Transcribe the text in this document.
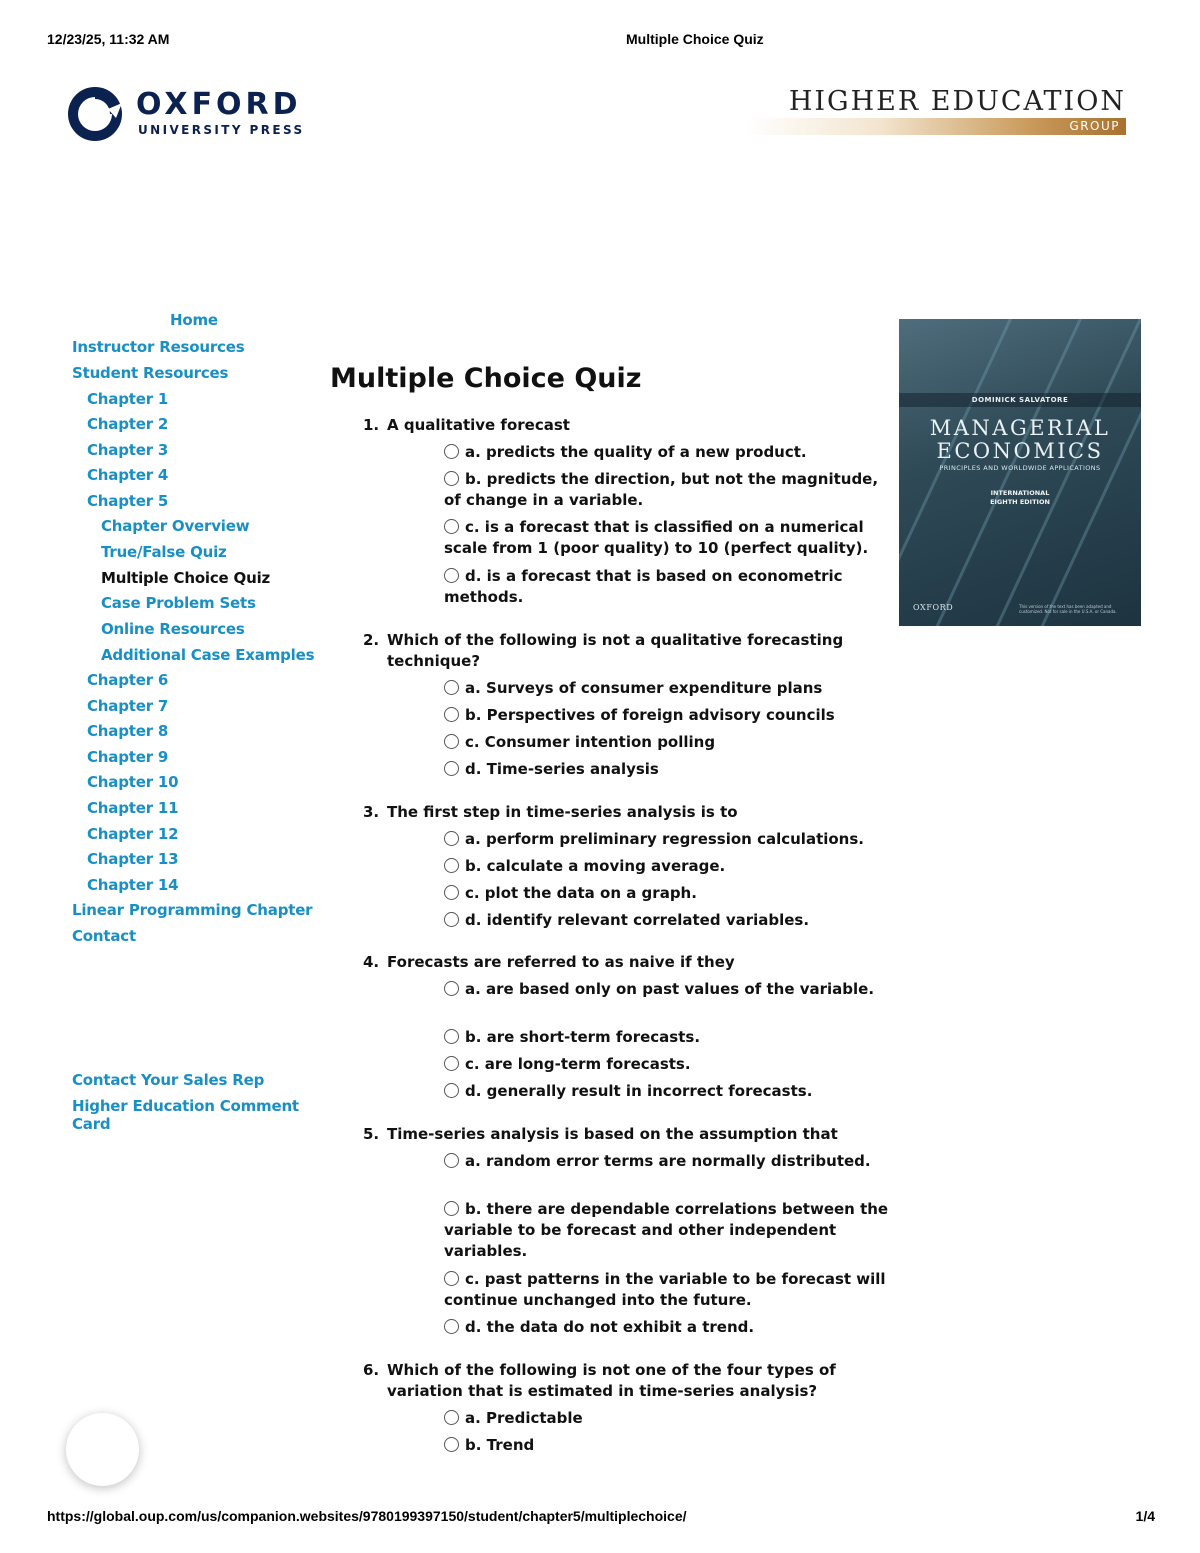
12/23/25, 11:32 AM	Multiple Choice Quiz
OXFORD
UNIVERSITY PRESS
HIGHER EDUCATION
GROUP
Home
Instructor Resources
Student Resources
Chapter 1
Chapter 2
Chapter 3
Chapter 4
Chapter 5
Chapter Overview
True/False Quiz
Multiple Choice Quiz
Case Problem Sets
Online Resources
Additional Case Examples
Chapter 6
Chapter 7
Chapter 8
Chapter 9
Chapter 10
Chapter 11
Chapter 12
Chapter 13
Chapter 14
Linear Programming Chapter
Contact
Contact Your Sales Rep
Higher Education Comment Card
Multiple Choice Quiz
1. A qualitative forecast
a. predicts the quality of a new product.
b. predicts the direction, but not the magnitude, of change in a variable.
c. is a forecast that is classified on a numerical scale from 1 (poor quality) to 10 (perfect quality).
d. is a forecast that is based on econometric methods.
2. Which of the following is not a qualitative forecasting technique?
a. Surveys of consumer expenditure plans
b. Perspectives of foreign advisory councils
c. Consumer intention polling
d. Time-series analysis
3. The first step in time-series analysis is to
a. perform preliminary regression calculations.
b. calculate a moving average.
c. plot the data on a graph.
d. identify relevant correlated variables.
4. Forecasts are referred to as naive if they
a. are based only on past values of the variable.
b. are short-term forecasts.
c. are long-term forecasts.
d. generally result in incorrect forecasts.
5. Time-series analysis is based on the assumption that
a. random error terms are normally distributed.
b. there are dependable correlations between the variable to be forecast and other independent variables.
c. past patterns in the variable to be forecast will continue unchanged into the future.
d. the data do not exhibit a trend.
6. Which of the following is not one of the four types of variation that is estimated in time-series analysis?
a. Predictable
b. Trend
DOMINICK SALVATORE
MANAGERIAL
ECONOMICS
PRINCIPLES AND WORLDWIDE APPLICATIONS
INTERNATIONAL
EIGHTH EDITION
OXFORD	This version of the text has been adapted and customized. Not for sale in the U.S.A. or Canada.
https://global.oup.com/us/companion.websites/9780199397150/student/chapter5/multiplechoice/	1/4
